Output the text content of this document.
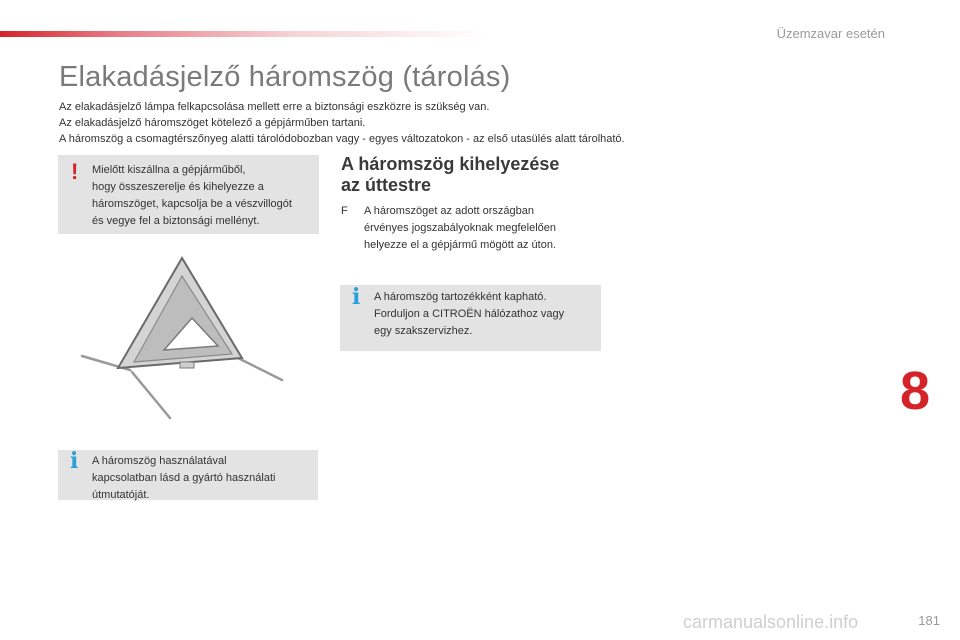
Üzemzavar esetén
Elakadásjelző háromszög (tárolás)
Az elakadásjelző lámpa felkapcsolása mellett erre a biztonsági eszközre is szükség van.
Az elakadásjelző háromszöget kötelező a gépjárműben tartani.
A háromszög a csomagtérszőnyeg alatti tárolódobozban vagy - egyes változatokon - az első utasülés alatt tárolható.
! Mielőtt kiszállna a gépjárműből,
hogy összeszerelje és kihelyezze a
háromszöget, kapcsolja be a vészvillogót
és vegye fel a biztonsági mellényt.
i A háromszög használatával
kapcsolatban lásd a gyártó használati
útmutatóját.
A háromszög kihelyezése
az úttestre
F A háromszöget az adott országban
érvényes jogszabályoknak megfelelően
helyezze el a gépjármű mögött az úton.
i A háromszög tartozékként kapható.
Forduljon a CITROËN hálózathoz vagy
egy szakszervizhez.
8
181
carmanualsonline.info
